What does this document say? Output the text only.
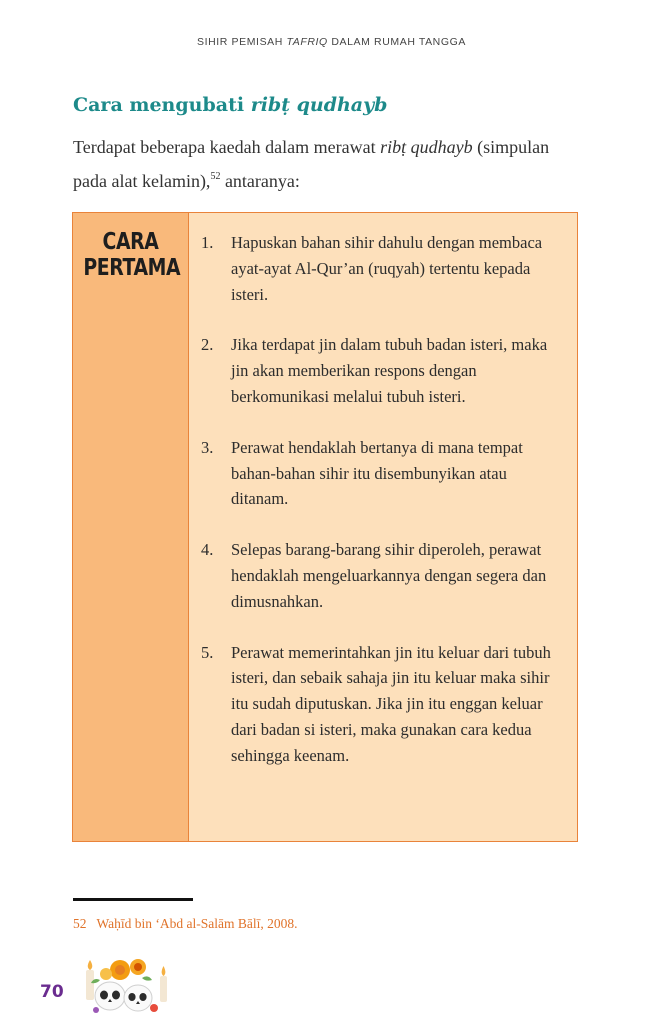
SIHIR PEMISAH TAFRIQ DALAM RUMAH TANGGA
Cara mengubati ribṭ qudhayb
Terdapat beberapa kaedah dalam merawat ribṭ qudhayb (simpulan pada alat kelamin),$^{52}$ antaranya:
CARA
PERTAMA
1.	Hapuskan bahan sihir dahulu dengan membaca ayat-ayat Al-Qur’an (ruqyah) tertentu kepada isteri.
2.	Jika terdapat jin dalam tubuh badan isteri, maka jin akan memberikan respons dengan berkomunikasi melalui tubuh isteri.
3.	Perawat hendaklah bertanya di mana tempat bahan-bahan sihir itu disembunyikan atau ditanam.
4.	Selepas barang-barang sihir diperoleh, perawat hendaklah mengeluarkannya dengan segera dan dimusnahkan.
5.	Perawat memerintahkan jin itu keluar dari tubuh isteri, dan sebaik sahaja jin itu keluar maka sihir itu sudah diputuskan. Jika jin itu enggan keluar dari badan si isteri, maka gunakan cara kedua sehingga keenam.
52 Waḥīd bin ‘Abd al-Salām Bālī, 2008.
70
